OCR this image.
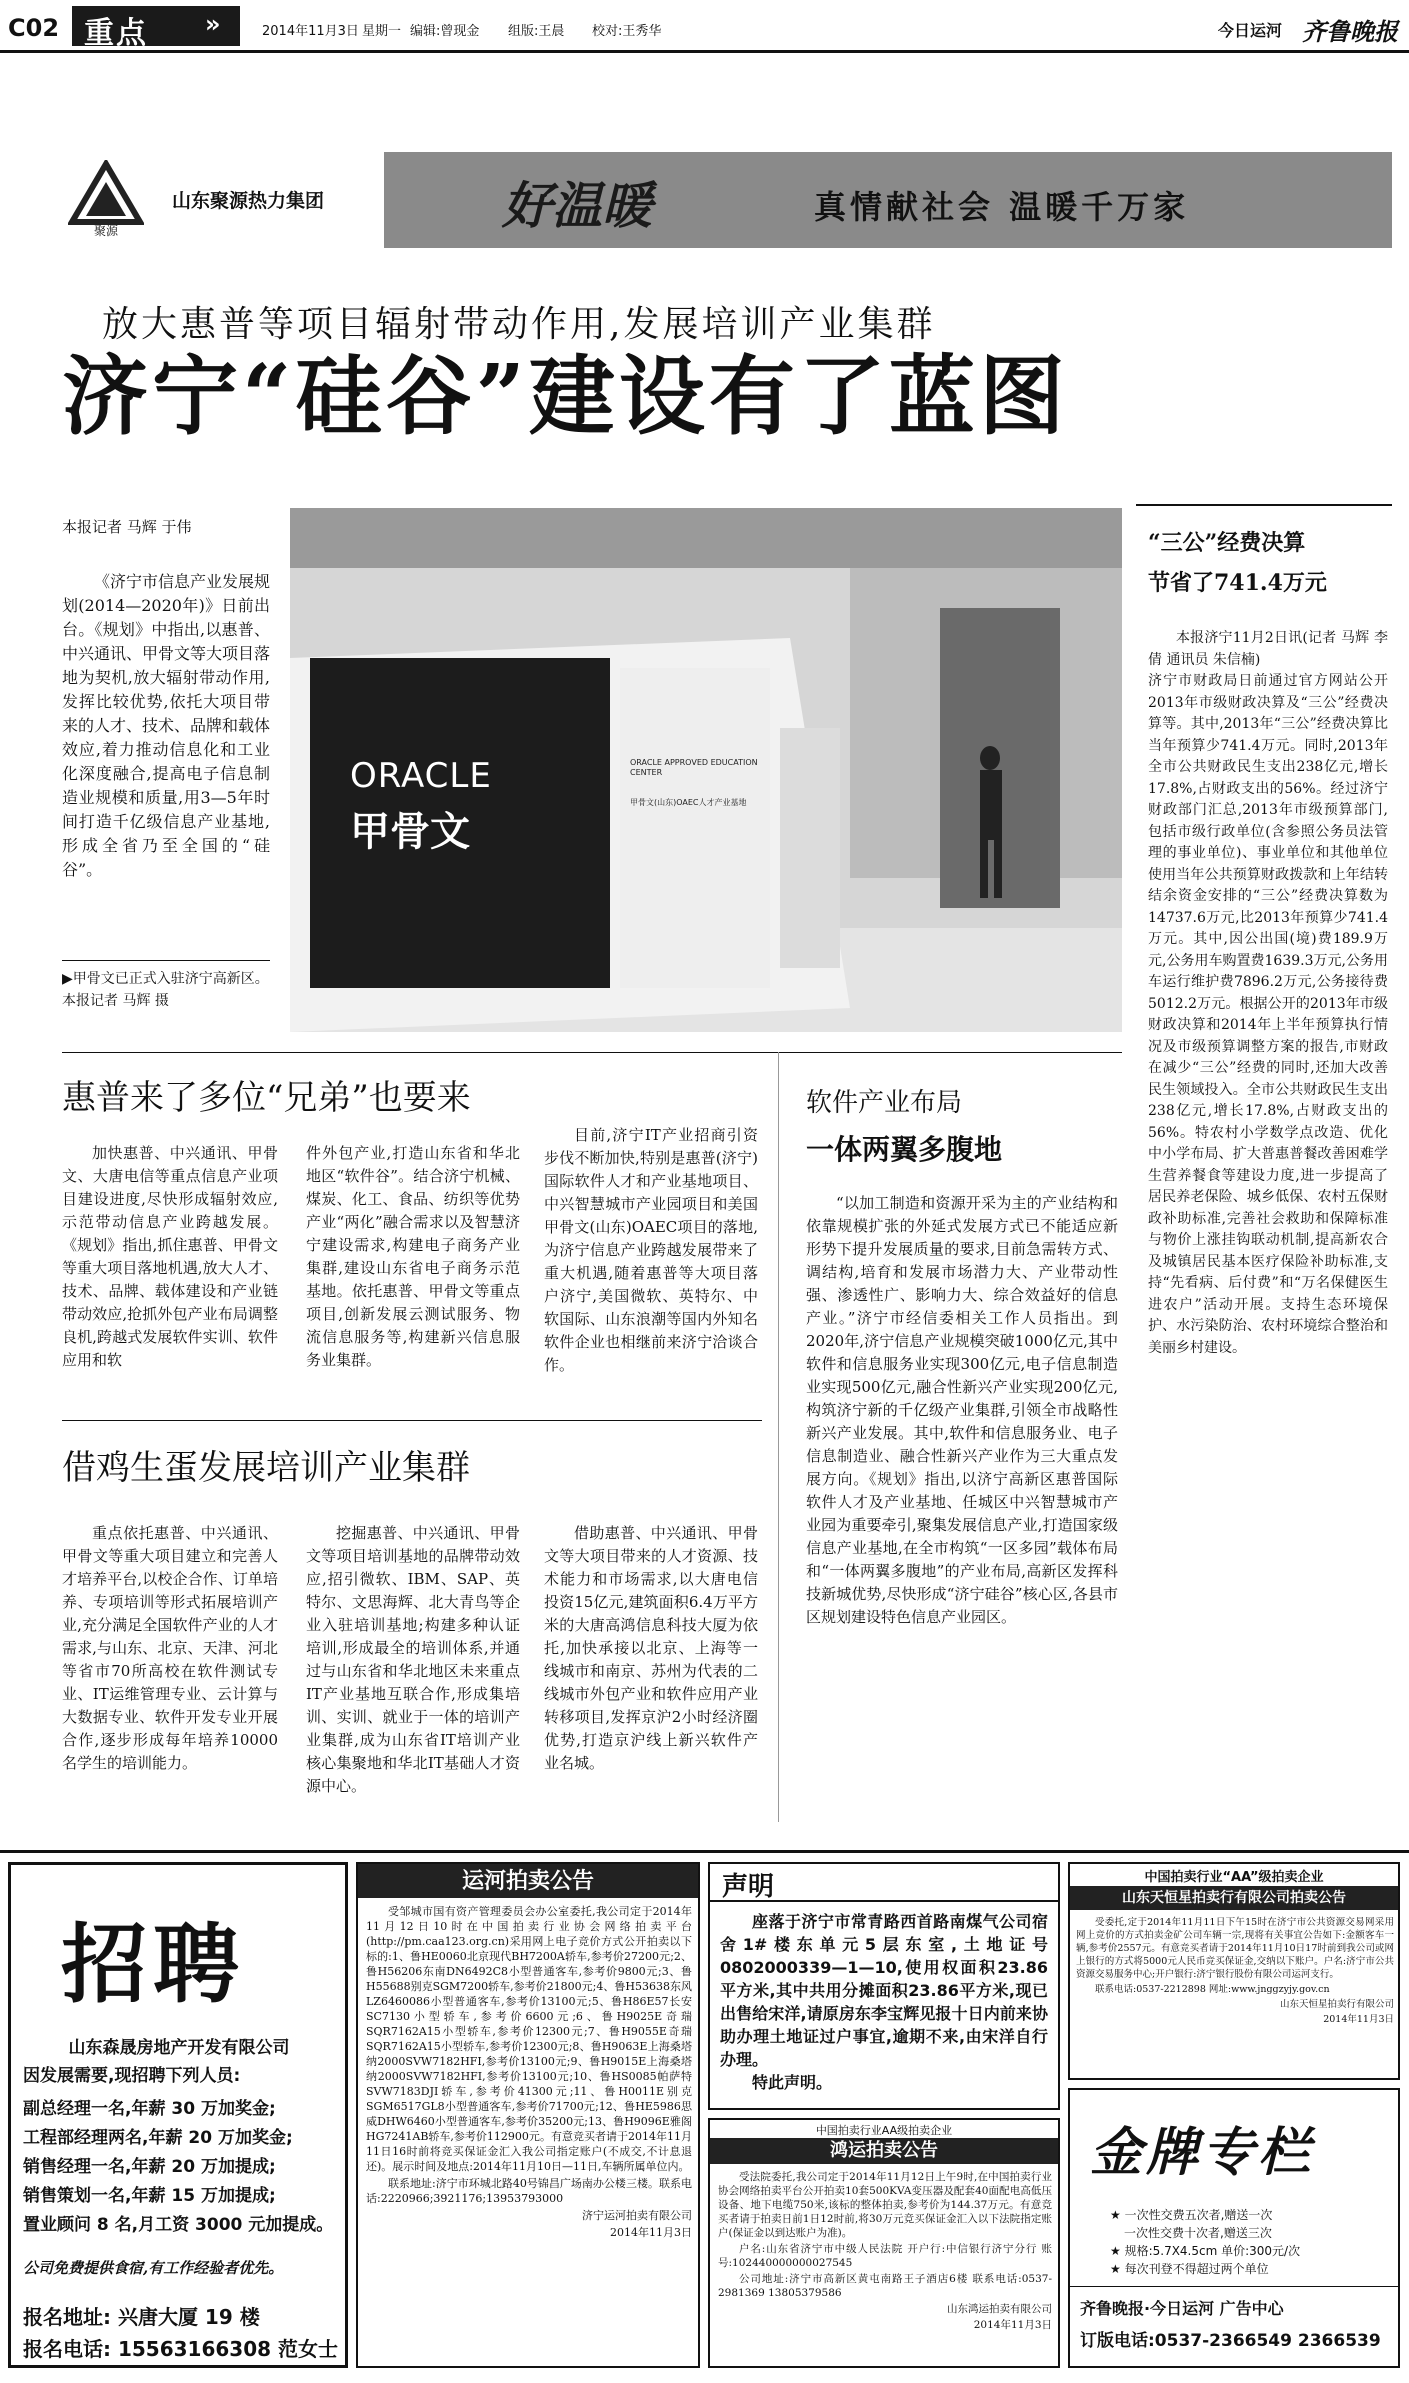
C02 重点 »	2014年11月3日 星期一 编辑:曾现金 组版:王晨 校对:王秀华	今日运河 齐鲁晚报
聚源
山东聚源热力集团	好温暖	真情献社会 温暖千万家
放大惠普等项目辐射带动作用,发展培训产业集群
济宁“硅谷”建设有了蓝图
本报记者 马辉 于伟

《济宁市信息产业发展规划(2014—2020年)》日前出台。《规划》中指出,以惠普、中兴通讯、甲骨文等大项目落地为契机,放大辐射带动作用,发挥比较优势,依托大项目带来的人才、技术、品牌和载体效应,着力推动信息化和工业化深度融合,提高电子信息制造业规模和质量,用3—5年时间打造千亿级信息产业基地,形成全省乃至全国的“硅谷”。

▶甲骨文已正式入驻济宁高新区。本报记者 马辉 摄
ORACLE
甲骨文
ORACLE APPROVED EDUCATION CENTER
甲骨文(山东)OAEC人才产业基地
“三公”经费决算
节省了741.4万元

本报济宁11月2日讯(记者 马辉 李倩 通讯员 朱信楠)

济宁市财政局日前通过官方网站公开2013年市级财政决算及“三公”经费决算等。其中,2013年“三公”经费决算比当年预算少741.4万元。同时,2013年全市公共财政民生支出238亿元,增长17.8%,占财政支出的56%。经过济宁财政部门汇总,2013年市级预算部门,包括市级行政单位(含参照公务员法管理的事业单位)、事业单位和其他单位使用当年公共预算财政拨款和上年结转结余资金安排的“三公”经费决算数为14737.6万元,比2013年预算少741.4万元。其中,因公出国(境)费189.9万元,公务用车购置费1639.3万元,公务用车运行维护费7896.2万元,公务接待费5012.2万元。根据公开的2013年市级财政决算和2014年上半年预算执行情况及市级预算调整方案的报告,市财政在减少“三公”经费的同时,还加大改善民生领域投入。全市公共财政民生支出238亿元,增长17.8%,占财政支出的56%。特农村小学数学点改造、优化中小学布局、扩大普惠普餐改善困难学生营养餐食等建设力度,进一步提高了居民养老保险、城乡低保、农村五保财政补助标准,完善社会救助和保障标准与物价上涨挂钩联动机制,提高新农合及城镇居民基本医疗保险补助标准,支持“先看病、后付费”和“万名保健医生进农户”活动开展。支持生态环境保护、水污染防治、农村环境综合整治和美丽乡村建设。

惠普来了多位“兄弟”也要来

加快惠普、中兴通讯、甲骨文、大唐电信等重点信息产业项目建设进度,尽快形成辐射效应,示范带动信息产业跨越发展。《规划》指出,抓住惠普、甲骨文等重大项目落地机遇,放大人才、技术、品牌、载体建设和产业链带动效应,抢抓外包产业布局调整良机,跨越式发展软件实训、软件应用和软

件外包产业,打造山东省和华北地区“软件谷”。结合济宁机械、煤炭、化工、食品、纺织等优势产业“两化”融合需求以及智慧济宁建设需求,构建电子商务产业集群,建设山东省电子商务示范基地。依托惠普、甲骨文等重点项目,创新发展云测试服务、物流信息服务等,构建新兴信息服务业集群。

目前,济宁IT产业招商引资步伐不断加快,特别是惠普(济宁)国际软件人才和产业基地项目、中兴智慧城市产业园项目和美国甲骨文(山东)OAEC项目的落地,为济宁信息产业跨越发展带来了重大机遇,随着惠普等大项目落户济宁,美国微软、英特尔、中软国际、山东浪潮等国内外知名软件企业也相继前来济宁洽谈合作。

软件产业布局
一体两翼多腹地

“以加工制造和资源开采为主的产业结构和依靠规模扩张的外延式发展方式已不能适应新形势下提升发展质量的要求,目前急需转方式、调结构,培育和发展市场潜力大、产业带动性强、渗透性广、影响力大、综合效益好的信息产业。”济宁市经信委相关工作人员指出。到2020年,济宁信息产业规模突破1000亿元,其中软件和信息服务业实现300亿元,电子信息制造业实现500亿元,融合性新兴产业实现200亿元,构筑济宁新的千亿级产业集群,引领全市战略性新兴产业发展。其中,软件和信息服务业、电子信息制造业、融合性新兴产业作为三大重点发展方向。《规划》指出,以济宁高新区惠普国际软件人才及产业基地、任城区中兴智慧城市产业园为重要牵引,聚集发展信息产业,打造国家级信息产业基地,在全市构筑“一区多园”载体布局和“一体两翼多腹地”的产业布局,高新区发挥科技新城优势,尽快形成“济宁硅谷”核心区,各县市区规划建设特色信息产业园区。

借鸡生蛋发展培训产业集群

重点依托惠普、中兴通讯、甲骨文等重大项目建立和完善人才培养平台,以校企合作、订单培养、专项培训等形式拓展培训产业,充分满足全国软件产业的人才需求,与山东、北京、天津、河北等省市70所高校在软件测试专业、IT运维管理专业、云计算与大数据专业、软件开发专业开展合作,逐步形成每年培养10000名学生的培训能力。

挖掘惠普、中兴通讯、甲骨文等项目培训基地的品牌带动效应,招引微软、IBM、SAP、英特尔、文思海辉、北大青鸟等企业入驻培训基地;构建多种认证培训,形成最全的培训体系,并通过与山东省和华北地区未来重点IT产业基地互联合作,形成集培训、实训、就业于一体的培训产业集群,成为山东省IT培训产业核心集聚地和华北IT基础人才资源中心。

借助惠普、中兴通讯、甲骨文等大项目带来的人才资源、技术能力和市场需求,以大唐电信投资15亿元,建筑面积6.4万平方米的大唐高鸿信息科技大厦为依托,加快承接以北京、上海等一线城市和南京、苏州为代表的二线城市外包产业和软件应用产业转移项目,发挥京沪2小时经济圈优势,打造京沪线上新兴软件产业名城。

招聘
山东森晟房地产开发有限公司
因发展需要,现招聘下列人员:
副总经理一名,年薪 30 万加奖金;
工程部经理两名,年薪 20 万加奖金;
销售经理一名,年薪 20 万加提成;
销售策划一名,年薪 15 万加提成;
置业顾问 8 名,月工资 3000 元加提成。
公司免费提供食宿,有工作经验者优先。
报名地址: 兴唐大厦 19 楼
报名电话: 15563166308 范女士
运河拍卖公告

受邹城市国有资产管理委员会办公室委托,我公司定于2014年11月12日10时在中国拍卖行业协会网络拍卖平台(http://pm.caa123.org.cn)采用网上电子竞价方式公开拍卖以下标的:1、鲁HE0060北京现代BH7200A轿车,参考价27200元;2、鲁H56206东南DN6492C8小型普通客车,参考价9800元;3、鲁H55688别克SGM7200轿车,参考价21800元;4、鲁H53638东风LZ6460086小型普通客车,参考价13100元;5、鲁H86E57长安SC7130小型轿车,参考价6600元;6、鲁H9025E奇瑞SQR7162A15小型轿车,参考价12300元;7、鲁H9055E奇瑞SQR7162A15小型轿车,参考价12300元;8、鲁H9063E上海桑塔纳2000SVW7182HFI,参考价13100元;9、鲁H9015E上海桑塔纳2000SVW7182HFI,参考价13100元;10、鲁HS0085帕萨特SVW7183DJI轿车,参考价41300元;11、鲁H0011E别克SGM6517GL8小型普通客车,参考价71700元;12、鲁HE5986思威DHW6460小型普通客车,参考价35200元;13、鲁H9096E雅阁HG7241AB轿车,参考价112900元。有意竞买者请于2014年11月11日16时前将竞买保证金汇入我公司指定账户(不成交,不计息退还)。展示时间及地点:2014年11月10日—11日,车辆所属单位内。

联系地址:济宁市环城北路40号锦昌广场南办公楼三楼。联系电话:2220966;3921176;13953793000

济宁运河拍卖有限公司

2014年11月3日

声明
座落于济宁市常青路西首路南煤气公司宿舍1#楼东单元5层东室,土地证号0802000339—1—10,使用权面积23.86平方米,其中共用分摊面积23.86平方米,现已出售给宋洋,请原房东李宝辉见报十日内前来协助办理土地证过户事宜,逾期不来,由宋洋自行办理。
特此声明。
中国拍卖行业AA级拍卖企业
鸿运拍卖公告

受法院委托,我公司定于2014年11月12日上午9时,在中国拍卖行业协会网络拍卖平台公开拍卖10套500KVA变压器及配套40面配电高低压设备、地下电缆750米,该标的整体拍卖,参考价为144.37万元。有意竞买者请于拍卖日前1日12时前,将30万元竞买保证金汇入以下法院指定账户(保证金以到达账户为准)。

户名:山东省济宁市中级人民法院 开户行:中信银行济宁分行 账号:102440000000027545

公司地址:济宁市高新区黄屯南路王子酒店6楼 联系电话:0537-2981369 13805379586

山东鸿运拍卖有限公司

2014年11月3日

中国拍卖行业“AA”级拍卖企业
山东天恒星拍卖行有限公司拍卖公告

受委托,定于2014年11月11日下午15时在济宁市公共资源交易网采用网上竞价的方式拍卖金矿公司车辆一宗,现将有关事宜公告如下:金额客车一辆,参考价2557元。有意竞买者请于2014年11月10日17时前到我公司或网上银行的方式将5000元人民币竞买保证金,交纳以下账户。户名:济宁市公共资源交易服务中心;开户银行:济宁银行股份有限公司运河支行。

联系电话:0537-2212898 网址:www.jnggzyjy.gov.cn

山东天恒星拍卖行有限公司

2014年11月3日

金牌专栏
★ 一次性交费五次者,赠送一次
一次性交费十次者,赠送三次
★ 规格:5.7X4.5cm 单价:300元/次
★ 每次刊登不得超过两个单位
齐鲁晚报·今日运河 广告中心
订版电话:0537-2366549 2366539
